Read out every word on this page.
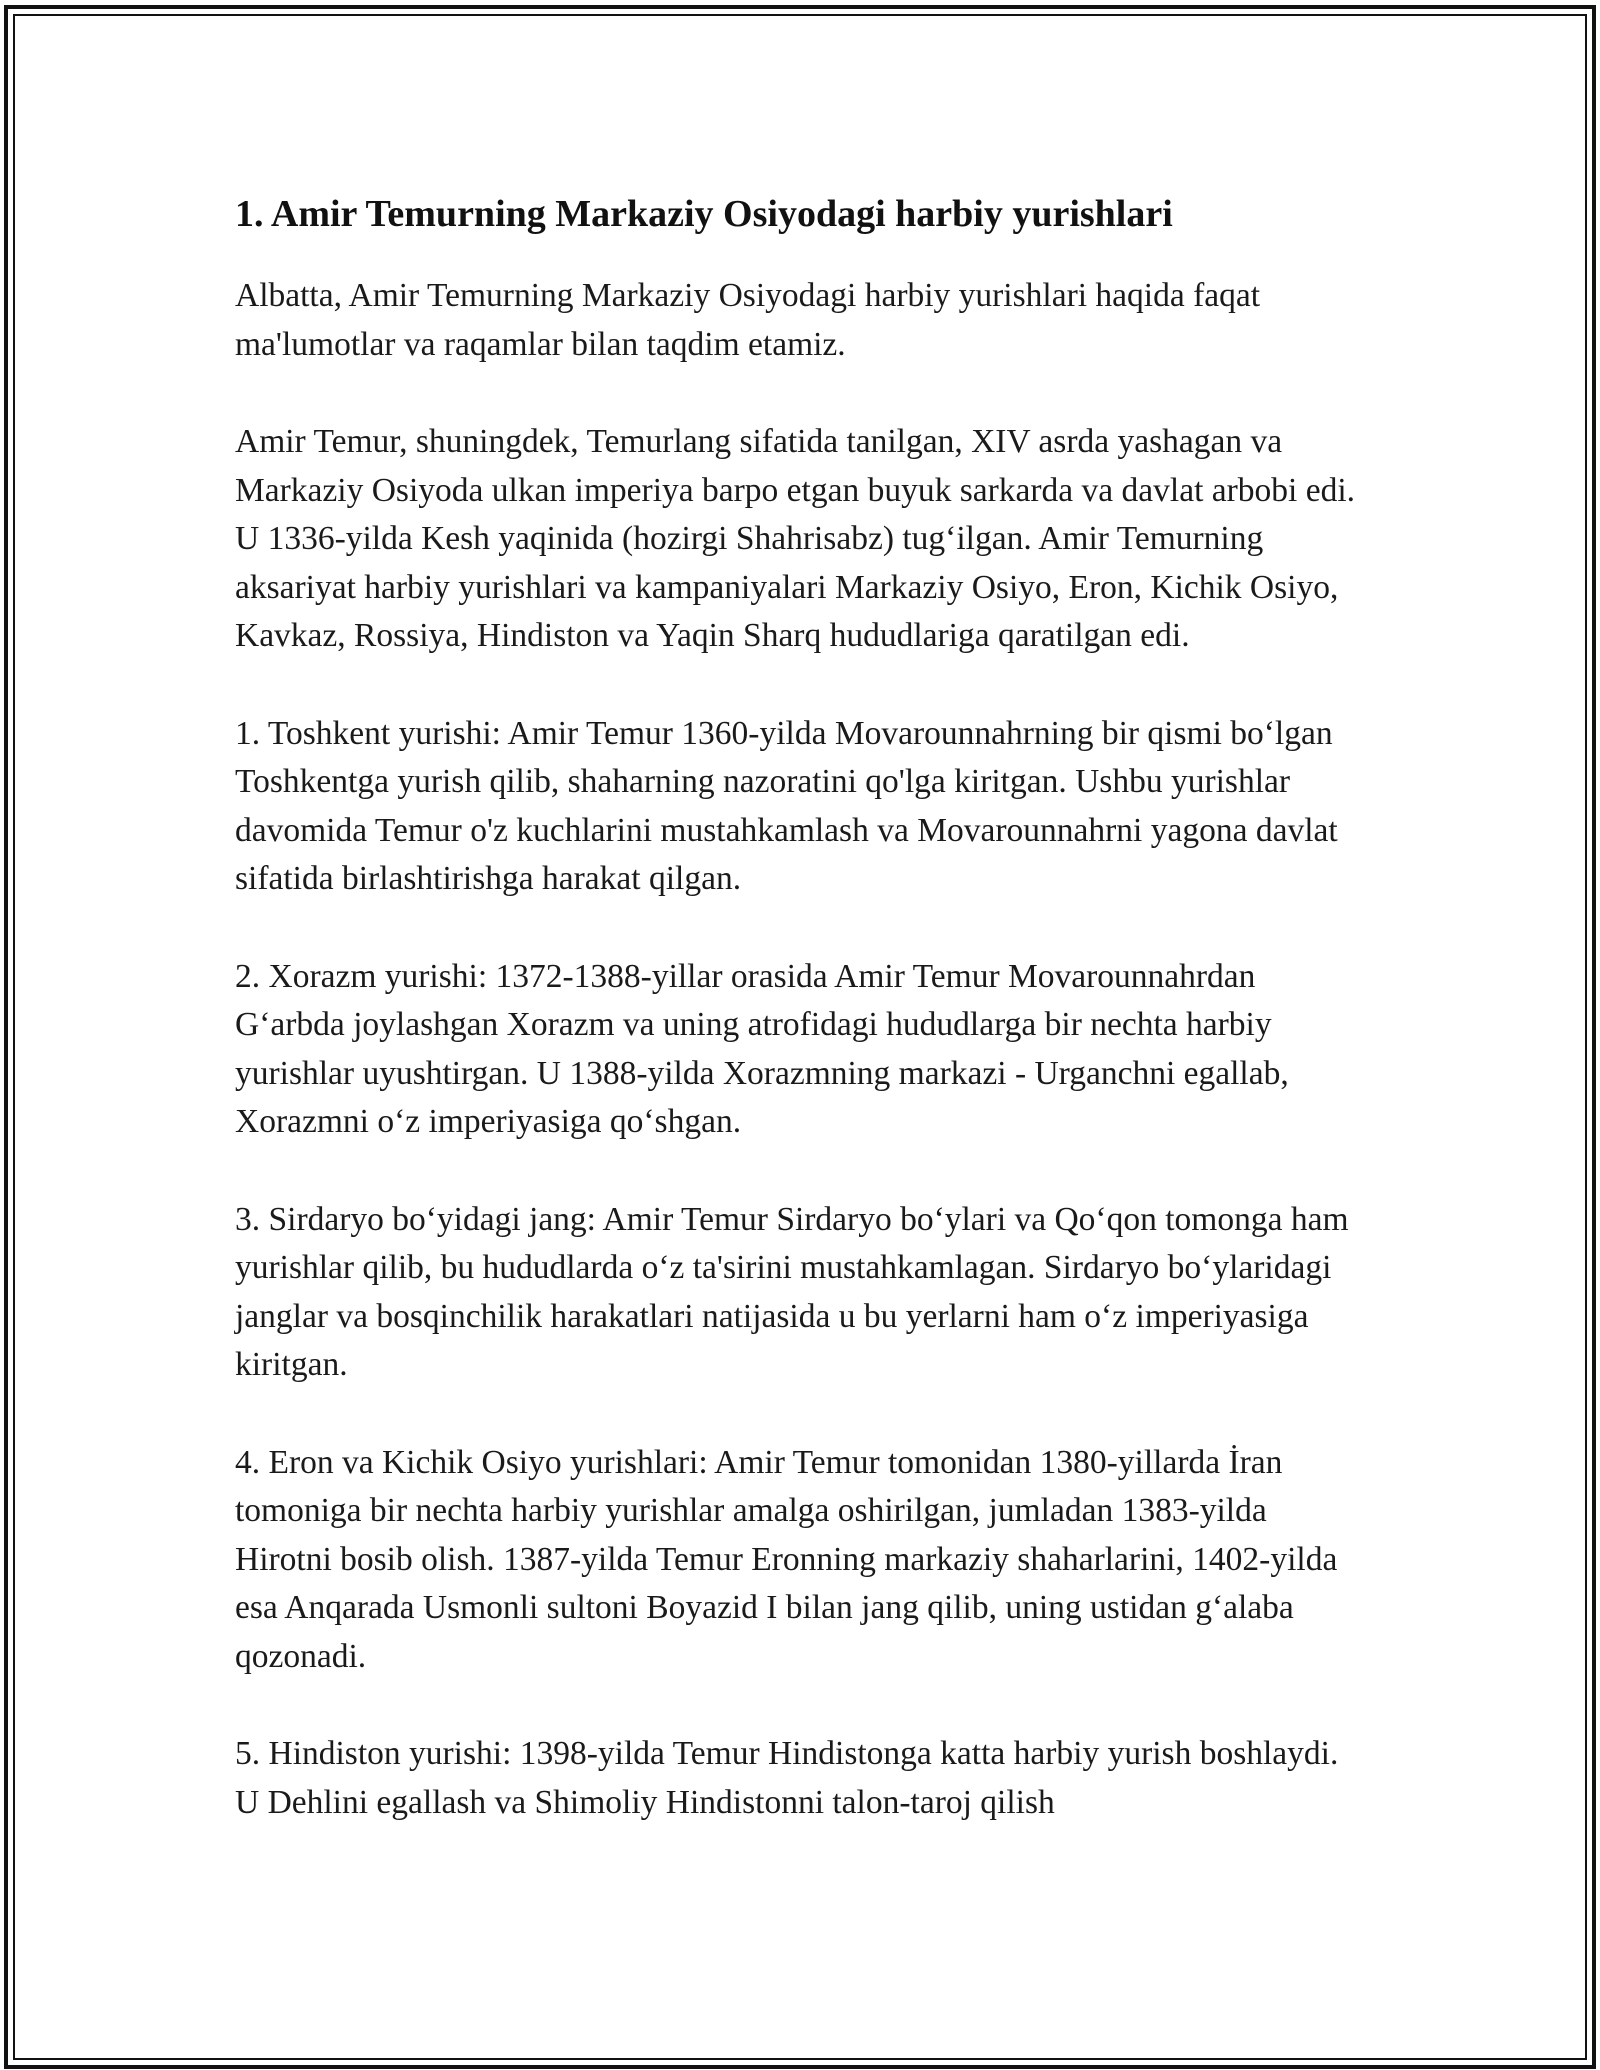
1. Amir Temurning Markaziy Osiyodagi harbiy yurishlari

Albatta, Amir Temurning Markaziy Osiyodagi harbiy yurishlari haqida faqat ma'lumotlar va raqamlar bilan taqdim etamiz.

Amir Temur, shuningdek, Temurlang sifatida tanilgan, XIV asrda yashagan va Markaziy Osiyoda ulkan imperiya barpo etgan buyuk sarkarda va davlat arbobi edi. U 1336-yilda Kesh yaqinida (hozirgi Shahrisabz) tug‘ilgan. Amir Temurning aksariyat harbiy yurishlari va kampaniyalari Markaziy Osiyo, Eron, Kichik Osiyo, Kavkaz, Rossiya, Hindiston va Yaqin Sharq hududlariga qaratilgan edi.

1. Toshkent yurishi: Amir Temur 1360-yilda Movarounnahrning bir qismi bo‘lgan Toshkentga yurish qilib, shaharning nazoratini qo'lga kiritgan. Ushbu yurishlar davomida Temur o'z kuchlarini mustahkamlash va Movarounnahrni yagona davlat sifatida birlashtirishga harakat qilgan.

2. Xorazm yurishi: 1372-1388-yillar orasida Amir Temur Movarounnahrdan G‘arbda joylashgan Xorazm va uning atrofidagi hududlarga bir nechta harbiy yurishlar uyushtirgan. U 1388-yilda Xorazmning markazi - Urganchni egallab, Xorazmni o‘z imperiyasiga qo‘shgan.

3. Sirdaryo bo‘yidagi jang: Amir Temur Sirdaryo bo‘ylari va Qo‘qon tomonga ham yurishlar qilib, bu hududlarda o‘z ta'sirini mustahkamlagan. Sirdaryo bo‘ylaridagi janglar va bosqinchilik harakatlari natijasida u bu yerlarni ham o‘z imperiyasiga kiritgan.

4. Eron va Kichik Osiyo yurishlari: Amir Temur tomonidan 1380-yillarda İran tomoniga bir nechta harbiy yurishlar amalga oshirilgan, jumladan 1383-yilda Hirotni bosib olish. 1387-yilda Temur Eronning markaziy shaharlarini, 1402-yilda esa Anqarada Usmonli sultoni Boyazid I bilan jang qilib, uning ustidan g‘alaba qozonadi.

5. Hindiston yurishi: 1398-yilda Temur Hindistonga katta harbiy yurish boshlaydi. U Dehlini egallash va Shimoliy Hindistonni talon-taroj qilish
